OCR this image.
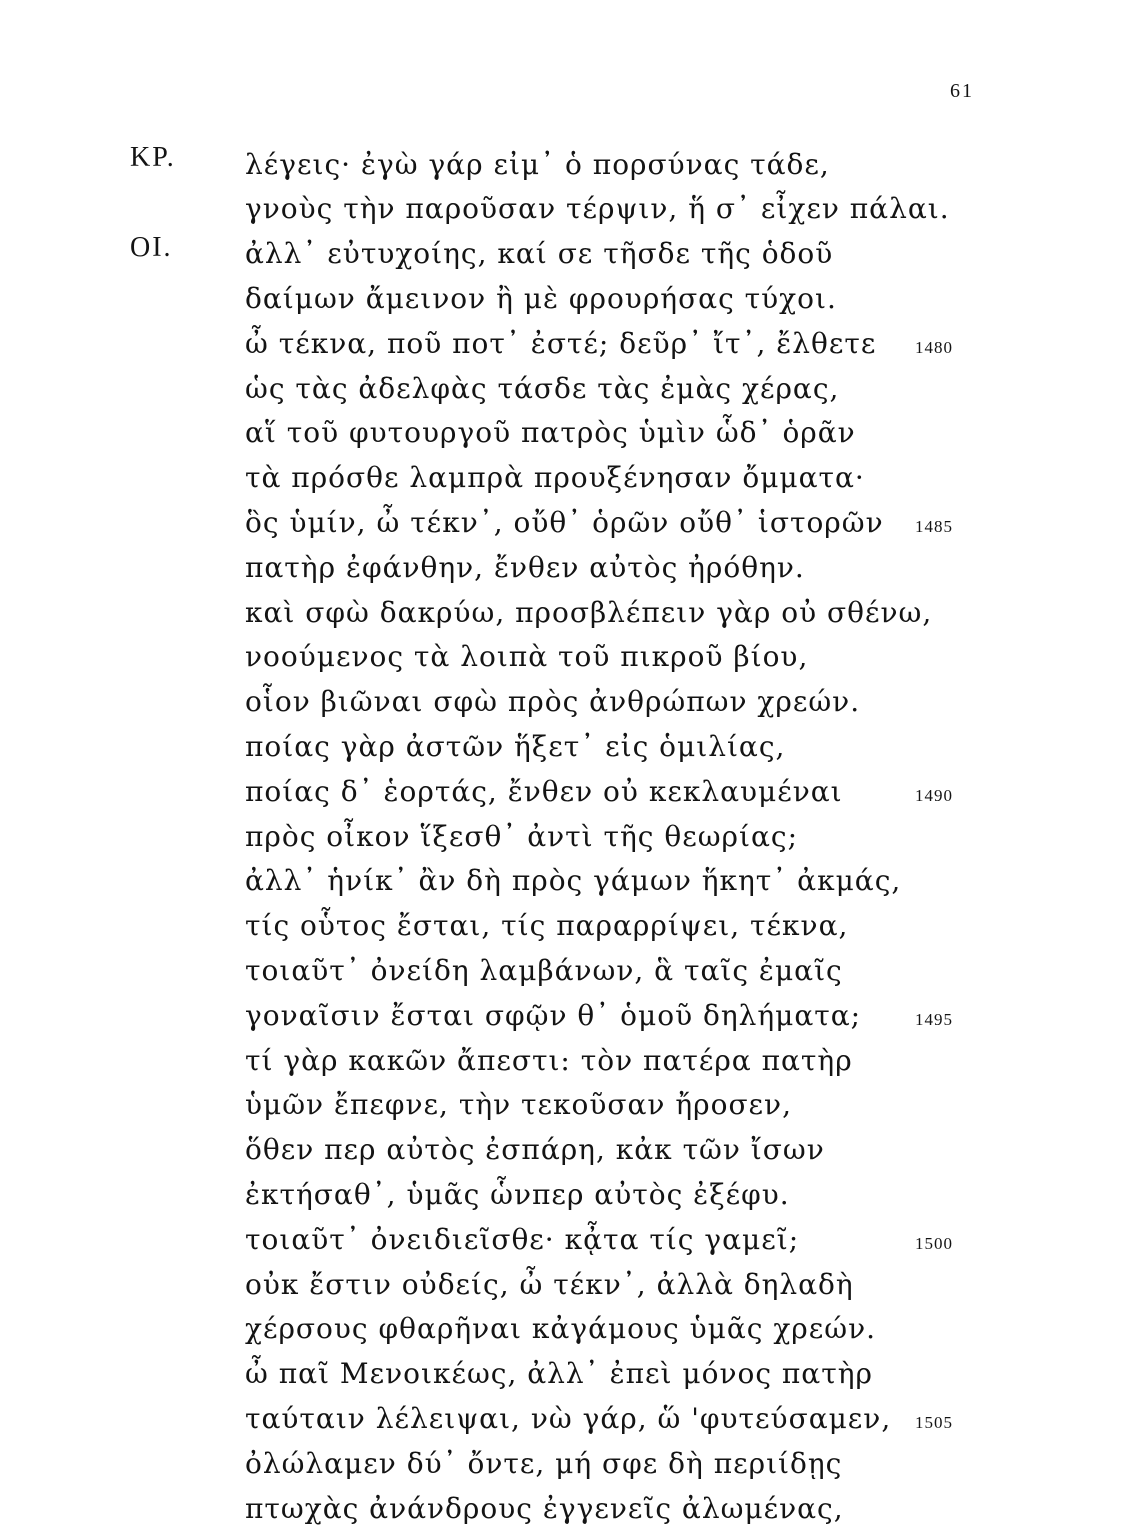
61
ΚΡ.
ΟΙ.
λέγεις· ἐγὼ γάρ εἰμ᾽ ὁ πορσύνας τάδε,
γνοὺς τὴν παροῦσαν τέρψιν, ἥ σ᾽ εἶχεν πάλαι.
ἀλλ᾽ εὐτυχοίης, καί σε τῆσδε τῆς ὁδοῦ
δαίμων ἄμεινον ἢ μὲ φρουρήσας τύχοι.
ὦ τέκνα, ποῦ ποτ᾽ ἐστέ; δεῦρ᾽ ἴτ᾽, ἔλθετε
ὡς τὰς ἀδελφὰς τάσδε τὰς ἐμὰς χέρας,
αἵ τοῦ φυτουργοῦ πατρὸς ὑμὶν ὧδ᾽ ὁρᾶν
τὰ πρόσθε λαμπρὰ προυξένησαν ὄμματα·
ὃς ὑμίν, ὦ τέκν᾽, οὔθ᾽ ὁρῶν οὔθ᾽ ἱστορῶν
πατὴρ ἐφάνθην, ἔνθεν αὐτὸς ἠρόθην.
καὶ σφὼ δακρύω, προσβλέπειν γὰρ οὐ σθένω,
νοούμενος τὰ λοιπὰ τοῦ πικροῦ βίου,
οἷον βιῶναι σφὼ πρὸς ἀνθρώπων χρεών.
ποίας γὰρ ἀστῶν ἥξετ᾽ εἰς ὁμιλίας,
ποίας δ᾽ ἑορτάς, ἔνθεν οὐ κεκλαυμέναι
πρὸς οἶκον ἵξεσθ᾽ ἀντὶ τῆς θεωρίας;
ἀλλ᾽ ἡνίκ᾽ ἂν δὴ πρὸς γάμων ἥκητ᾽ ἀκμάς,
τίς οὗτος ἔσται, τίς παραρρίψει, τέκνα,
τοιαῦτ᾽ ὀνείδη λαμβάνων, ἃ ταῖς ἐμαῖς
γοναῖσιν ἔσται σφῷν θ᾽ ὁμοῦ δηλήματα;
τί γὰρ κακῶν ἄπεστι: τὸν πατέρα πατὴρ
ὑμῶν ἔπεφνε, τὴν τεκοῦσαν ἤροσεν,
ὅθεν περ αὐτὸς ἐσπάρη, κἀκ τῶν ἴσων
ἐκτήσαθ᾽, ὑμᾶς ὧνπερ αὐτὸς ἐξέφυ.
τοιαῦτ᾽ ὀνειδιεῖσθε· κᾆτα τίς γαμεῖ;
οὐκ ἔστιν οὐδείς, ὦ τέκν᾽, ἀλλὰ δηλαδὴ
χέρσους φθαρῆναι κἀγάμους ὑμᾶς χρεών.
ὦ παῖ Μενοικέως, ἀλλ᾽ ἐπεὶ μόνος πατὴρ
ταύταιν λέλειψαι, νὼ γάρ, ὥ 'φυτεύσαμεν,
ὀλώλαμεν δύ᾽ ὄντε, μή σφε δὴ περιίδῃς
πτωχὰς ἀνάνδρους ἐγγενεῖς ἀλωμένας,
1480
1485
1490
1495
1500
1505
